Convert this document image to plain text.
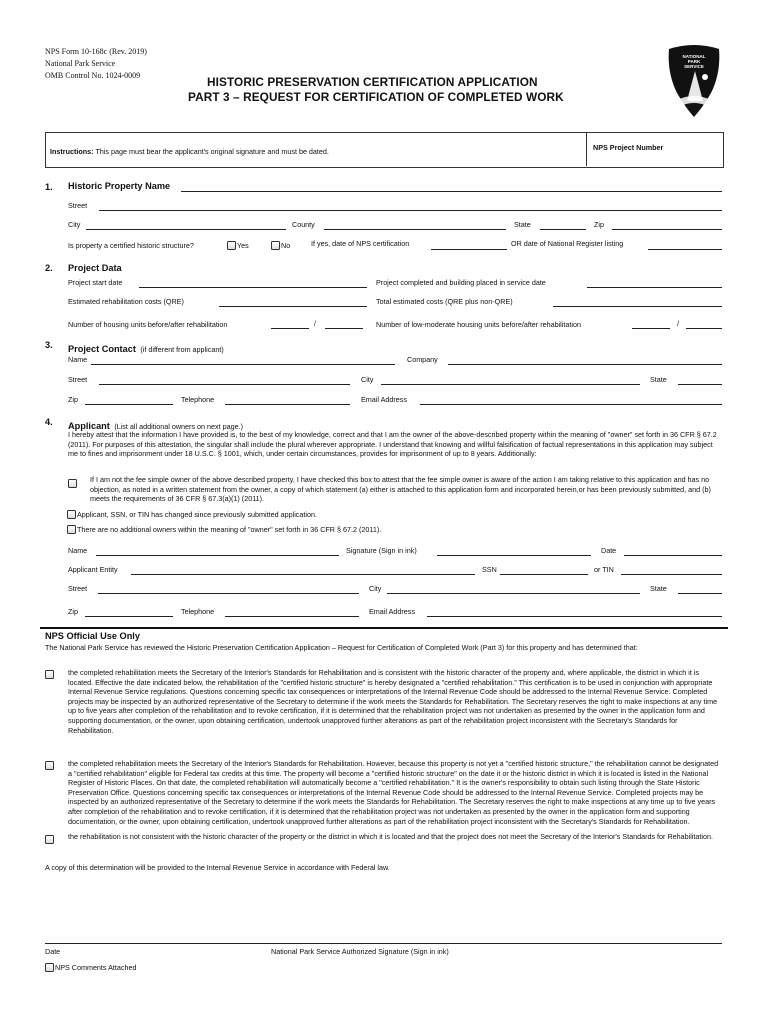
NPS Form 10-168c (Rev. 2019)
National Park Service
OMB Control No. 1024-0009	HISTORIC PRESERVATION CERTIFICATION APPLICATION
PART 3 – REQUEST FOR CERTIFICATION OF COMPLETED WORK
NATIONAL
PARK
SERVICE
Instructions: This page must bear the applicant's original signature and must be dated.	NPS Project Number
1. Historic Property Name
Street
City	County	State	Zip
Is property a certified historic structure?	Yes	No	If yes, date of NPS certification	OR date of National Register listing
2. Project Data
Project start date	Project completed and building placed in service date
Estimated rehabilitation costs (QRE)	Total estimated costs (QRE plus non-QRE)
Number of housing units before/after rehabilitation	/	Number of low-moderate housing units before/after rehabilitation	/
3. Project Contact (if different from applicant)
Name	Company
Street	City	State
Zip	Telephone	Email Address
4. Applicant (List all additional owners on next page.)

I hereby attest that the information I have provided is, to the best of my knowledge, correct and that I am the owner of the above-described property within the meaning of "owner" set forth in 36 CFR § 67.2 (2011). For purposes of this attestation, the singular shall include the plural wherever appropriate. I understand that knowing and willful falsification of factual representations in this application may subject me to fines and imprisonment under 18 U.S.C. § 1001, which, under certain circumstances, provides for imprisonment of up to 8 years. Additionally:

If I am not the fee simple owner of the above described property, I have checked this box to attest that the fee simple owner is aware of the action I am taking relative to this application and has no objection, as noted in a written statement from the owner, a copy of which statement (a) either is attached to this application form and incorporated herein,or has been previously submitted, and (b) meets the requirements of 36 CFR § 67.3(a)(1) (2011).

Applicant, SSN, or TIN has changed since previously submitted application.
There are no additional owners within the meaning of "owner" set forth in 36 CFR § 67.2 (2011).
Name	Signature (Sign in ink)	Date
Applicant Entity	SSN	or TIN
Street	City	State
Zip	Telephone	Email Address
NPS Official Use Only

The National Park Service has reviewed the Historic Preservation Certification Application – Request for Certification of Completed Work (Part 3) for this property and has determined that:

the completed rehabilitation meets the Secretary of the Interior's Standards for Rehabilitation and is consistent with the historic character of the property and, where applicable, the district in which it is located. Effective the date indicated below, the rehabilitation of the "certified historic structure" is hereby designated a "certified rehabilitation." This certification is to be used in conjunction with appropriate Internal Revenue Service regulations. Questions concerning specific tax consequences or interpretations of the Internal Revenue Code should be addressed to the Internal Revenue Service. Completed projects may be inspected by an authorized representative of the Secretary to determine if the work meets the Standards for Rehabilitation. The Secretary reserves the right to make inspections at any time up to five years after completion of the rehabilitation and to revoke certification, if it is determined that the rehabilitation project was not undertaken as presented by the owner in the application form and supporting documentation, or the owner, upon obtaining certification, undertook unapproved further alterations as part of the rehabilitation project inconsistent with the Secretary's Standards for Rehabilitation.

the completed rehabilitation meets the Secretary of the Interior's Standards for Rehabilitation. However, because this property is not yet a "certified historic structure," the rehabilitation cannot be designated a "certified rehabilitation" eligible for Federal tax credits at this time. The property will become a "certified historic structure" on the date it or the historic district in which it is located is listed in the National Register of Historic Places. On that date, the completed rehabilitation will automatically become a "certified rehabilitation." It is the owner's responsibility to obtain such listing through the State Historic Preservation Office. Questions concerning specific tax consequences or interpretations of the Internal Revenue Code should be addressed to the Internal Revenue Service. Completed projects may be inspected by an authorized representative of the Secretary to determine if the work meets the Standards for Rehabilitation. The Secretary reserves the right to make inspections at any time up to five years after completion of the rehabilitation and to revoke certification, if it is determined that the rehabilitation project was not undertaken as presented by the owner in the application form and supporting documentation, or the owner, upon obtaining certification, undertook unapproved further alterations as part of the rehabilitation project inconsistent with the Secretary's Standards for Rehabilitation.

the rehabilitation is not consistent with the historic character of the property or the district in which it is located and that the project does not meet the Secretary of the Interior's Standards for Rehabilitation.

A copy of this determination will be provided to the Internal Revenue Service in accordance with Federal law.
Date	National Park Service Authorized Signature (Sign in ink)
NPS Comments Attached
